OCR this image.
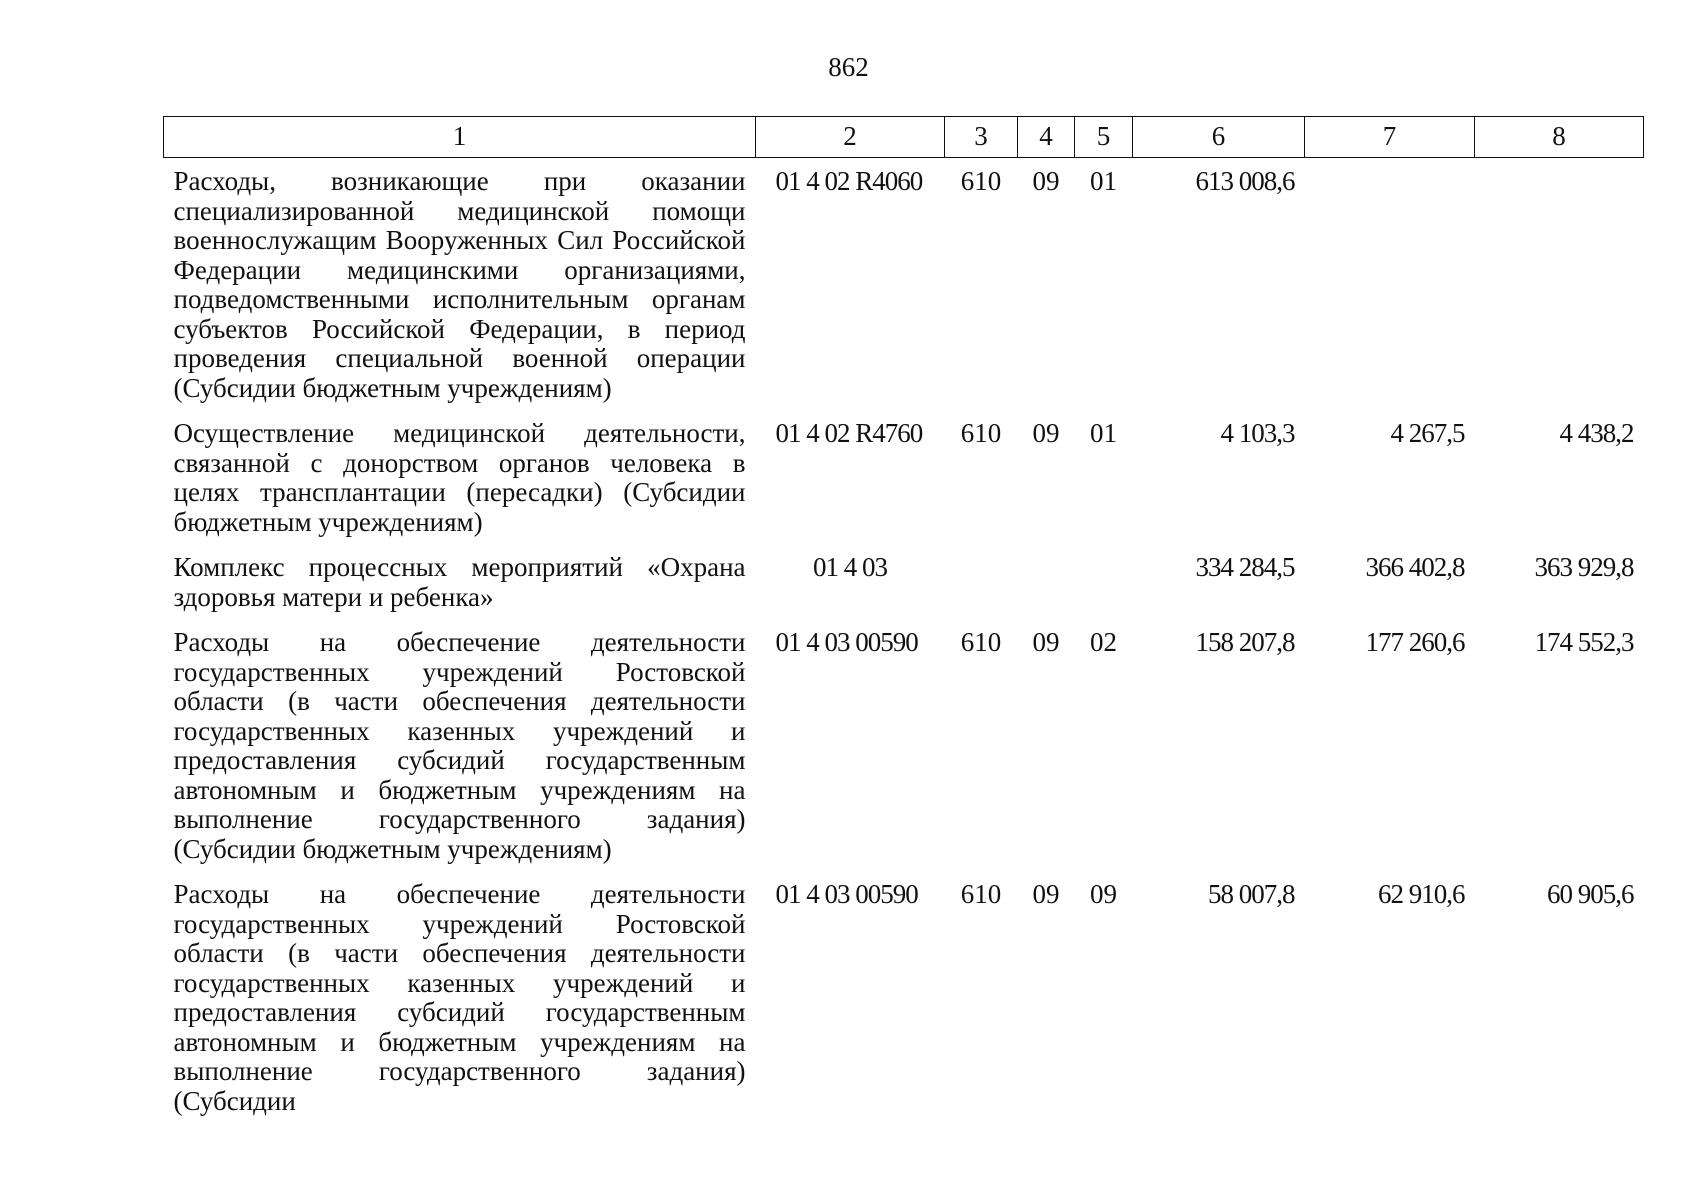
862
1	2	3	4	5	6	7	8
Расходы, возникающие при оказании специализированной медицинской помощи военнослужащим Вооруженных Сил Российской Федерации медицинскими организациями, подведомственными исполнительным органам субъектов Российской Федерации, в период проведения специальной военной операции (Субсидии бюджетным учреждениям)	01 4 02 R4060	610	09	01	613 008,6		
Осуществление медицинской деятельности, связанной с донорством органов человека в целях трансплантации (пересадки) (Субсидии бюджетным учреждениям)	01 4 02 R4760	610	09	01	4 103,3	4 267,5	4 438,2
Комплекс процессных мероприятий «Охрана здоровья матери и ребенка»	01 4 03				334 284,5	366 402,8	363 929,8
Расходы на обеспечение деятельности государственных учреждений Ростовской области (в части обеспечения деятельности государственных казенных учреждений и предоставления субсидий государственным автономным и бюджетным учреждениям на выполнение государственного задания) (Субсидии бюджетным учреждениям)	01 4 03 00590	610	09	02	158 207,8	177 260,6	174 552,3
Расходы на обеспечение деятельности государственных учреждений Ростовской области (в части обеспечения деятельности государственных казенных учреждений и предоставления субсидий государственным автономным и бюджетным учреждениям на выполнение государственного задания) (Субсидии	01 4 03 00590	610	09	09	58 007,8	62 910,6	60 905,6
